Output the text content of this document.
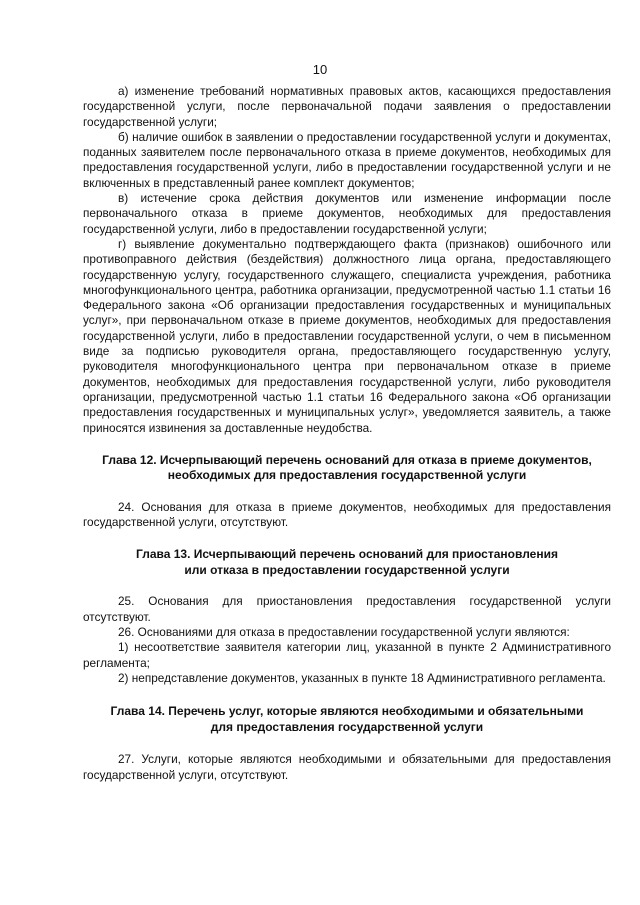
10

а) изменение требований нормативных правовых актов, касающихся предоставления государственной услуги, после первоначальной подачи заявления о предоставлении государственной услуги;

б) наличие ошибок в заявлении о предоставлении государственной услуги и документах, поданных заявителем после первоначального отказа в приеме документов, необходимых для предоставления государственной услуги, либо в предоставлении государственной услуги и не включенных в представленный ранее комплект документов;

в) истечение срока действия документов или изменение информации после первоначального отказа в приеме документов, необходимых для предоставления государственной услуги, либо в предоставлении государственной услуги;

г) выявление документально подтверждающего факта (признаков) ошибочного или противоправного действия (бездействия) должностного лица органа, предоставляющего государственную услугу, государственного служащего, специалиста учреждения, работника многофункционального центра, работника организации, предусмотренной частью 1.1 статьи 16 Федерального закона «Об организации предоставления государственных и муниципальных услуг», при первоначальном отказе в приеме документов, необходимых для предоставления государственной услуги, либо в предоставлении государственной услуги, о чем в письменном виде за подписью руководителя органа, предоставляющего государственную услугу, руководителя многофункционального центра при первоначальном отказе в приеме документов, необходимых для предоставления государственной услуги, либо руководителя организации, предусмотренной частью 1.1 статьи 16 Федерального закона «Об организации предоставления государственных и муниципальных услуг», уведомляется заявитель, а также приносятся извинения за доставленные неудобства.

Глава 12. Исчерпывающий перечень оснований для отказа в приеме документов,
необходимых для предоставления государственной услуги

24. Основания для отказа в приеме документов, необходимых для предоставления государственной услуги, отсутствуют.

Глава 13. Исчерпывающий перечень оснований для приостановления
или отказа в предоставлении государственной услуги

25. Основания для приостановления предоставления государственной услуги отсутствуют.

26. Основаниями для отказа в предоставлении государственной услуги являются:

1) несоответствие заявителя категории лиц, указанной в пункте 2 Административного регламента;

2) непредставление документов, указанных в пункте 18 Административного регламента.

Глава 14. Перечень услуг, которые являются необходимыми и обязательными
для предоставления государственной услуги

27. Услуги, которые являются необходимыми и обязательными для предоставления государственной услуги, отсутствуют.
